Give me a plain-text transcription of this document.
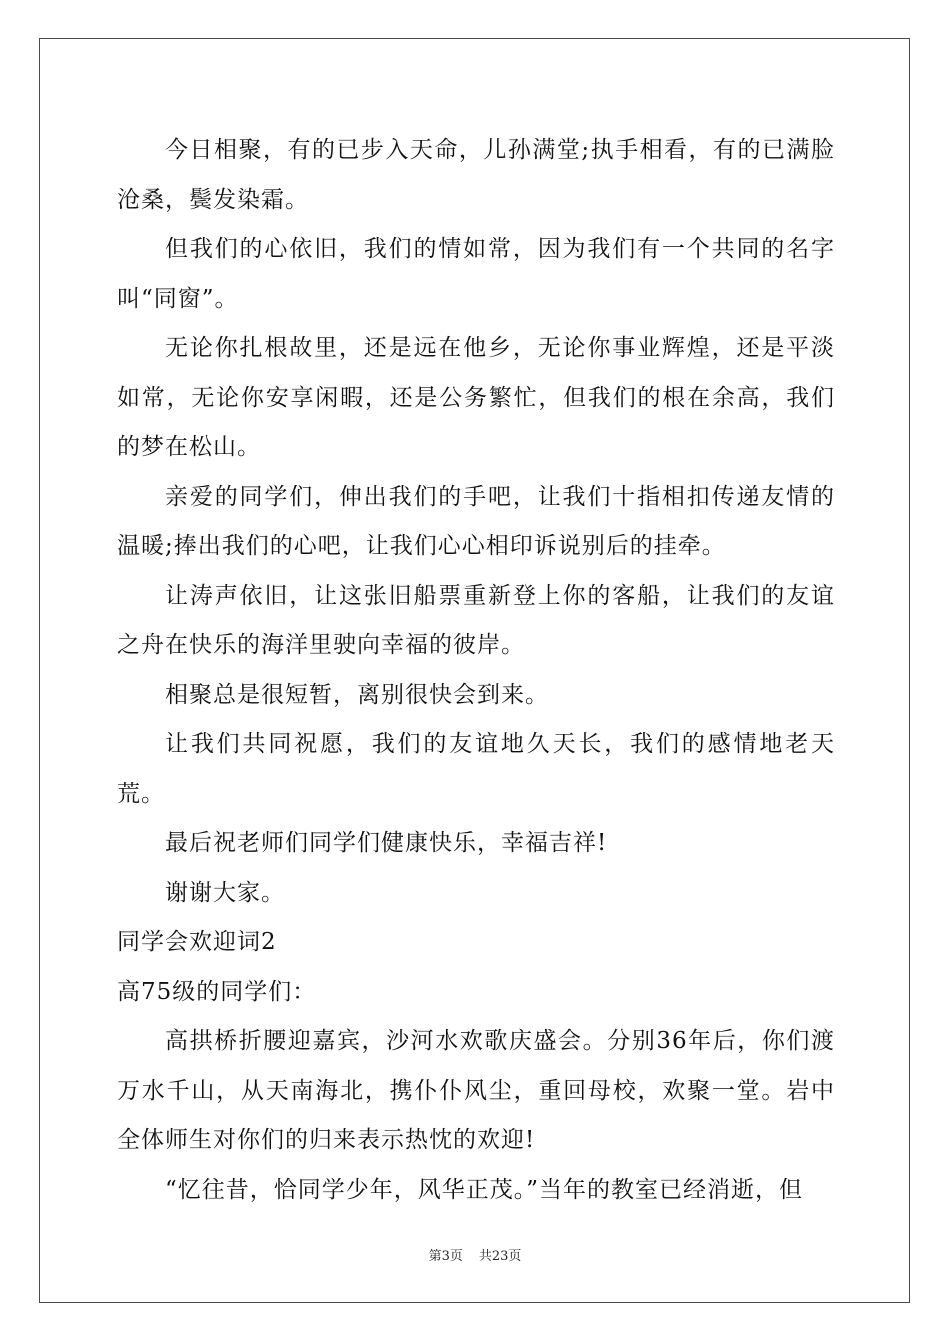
今日相聚，有的已步入天命，儿孙满堂;执手相看，有的已满脸沧桑，鬓发染霜。

但我们的心依旧，我们的情如常，因为我们有一个共同的名字叫“同窗”。

无论你扎根故里，还是远在他乡，无论你事业辉煌，还是平淡如常，无论你安享闲暇，还是公务繁忙，但我们的根在余高，我们的梦在松山。

亲爱的同学们，伸出我们的手吧，让我们十指相扣传递友情的温暖;捧出我们的心吧，让我们心心相印诉说别后的挂牵。

让涛声依旧，让这张旧船票重新登上你的客船，让我们的友谊之舟在快乐的海洋里驶向幸福的彼岸。

相聚总是很短暂，离别很快会到来。

让我们共同祝愿，我们的友谊地久天长，我们的感情地老天荒。

最后祝老师们同学们健康快乐，幸福吉祥!

谢谢大家。

同学会欢迎词2

高75级的同学们：

高拱桥折腰迎嘉宾，沙河水欢歌庆盛会。分别36年后，你们渡万水千山，从天南海北，携仆仆风尘，重回母校，欢聚一堂。岩中全体师生对你们的归来表示热忱的欢迎!

“忆往昔，恰同学少年，风华正茂。”当年的教室已经消逝，但

第3页 共23页
